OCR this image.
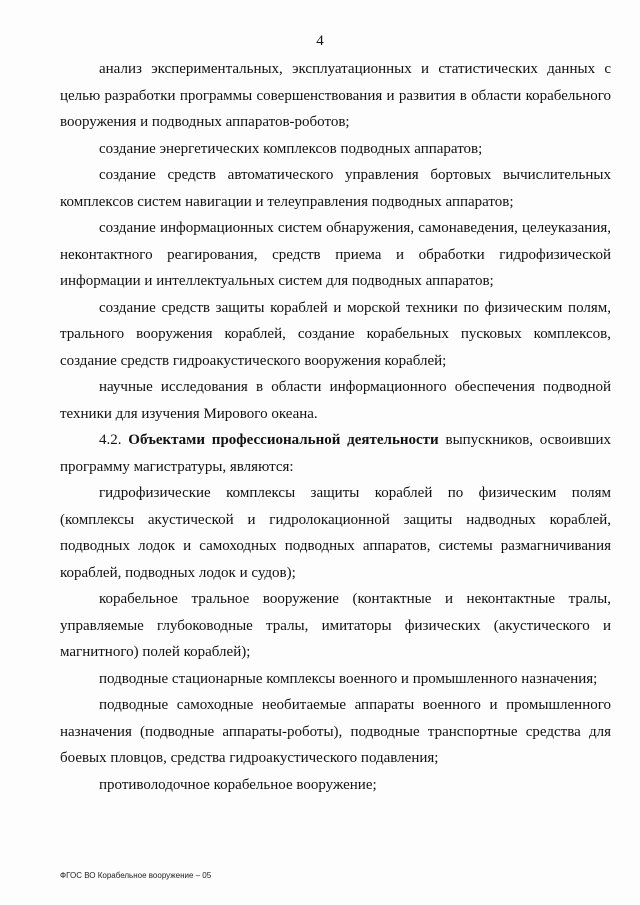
4

анализ экспериментальных, эксплуатационных и статистических данных с целью разработки программы совершенствования и развития в области корабельного вооружения и подводных аппаратов-роботов;

создание энергетических комплексов подводных аппаратов;

создание средств автоматического управления бортовых вычислительных комплексов систем навигации и телеуправления подводных аппаратов;

создание информационных систем обнаружения, самонаведения, целеуказания, неконтактного реагирования, средств приема и обработки гидрофизической информации и интеллектуальных систем для подводных аппаратов;

создание средств защиты кораблей и морской техники по физическим полям, трального вооружения кораблей, создание корабельных пусковых комплексов, создание средств гидроакустического вооружения кораблей;

научные исследования в области информационного обеспечения подводной техники для изучения Мирового океана.

4.2. Объектами профессиональной деятельности выпускников, освоивших программу магистратуры, являются:

гидрофизические комплексы защиты кораблей по физическим полям (комплексы акустической и гидролокационной защиты надводных кораблей, подводных лодок и самоходных подводных аппаратов, системы размагничивания кораблей, подводных лодок и судов);

корабельное тральное вооружение (контактные и неконтактные тралы, управляемые глубоководные тралы, имитаторы физических (акустического и магнитного) полей кораблей);

подводные стационарные комплексы военного и промышленного назначения;

подводные самоходные необитаемые аппараты военного и промышленного назначения (подводные аппараты-роботы), подводные транспортные средства для боевых пловцов, средства гидроакустического подавления;

противолодочное корабельное вооружение;

ФГОС ВО Корабельное вооружение – 05
